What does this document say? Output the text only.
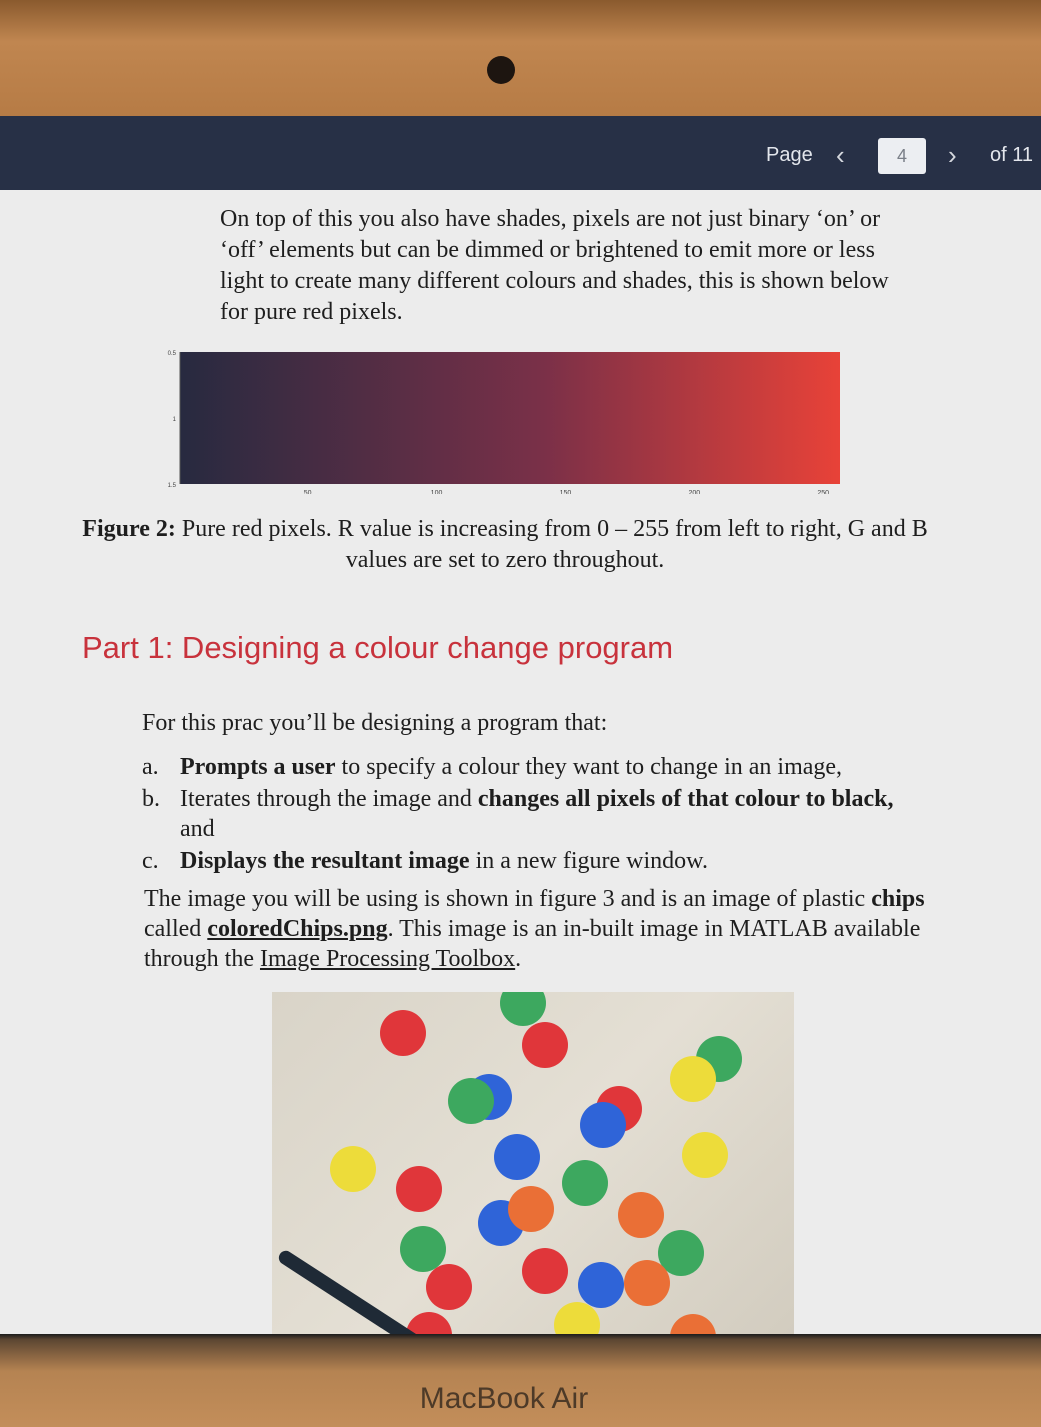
Page ‹	4	› of 11

On top of this you also have shades, pixels are not just binary ‘on’ or ‘off’ elements but can be dimmed or brightened to emit more or less light to create many different colours and shades, this is shown below for pure red pixels.

50	100	150	200	250
0.5
1
1.5

Figure 2: Pure red pixels. R value is increasing from 0 – 255 from left to right, G and B values are set to zero throughout.

Part 1: Designing a colour change program

For this prac you’ll be designing a program that:

a. Prompts a user to specify a colour they want to change in an image,
b. Iterates through the image and changes all pixels of that colour to black, and
c. Displays the resultant image in a new figure window.

The image you will be using is shown in figure 3 and is an image of plastic chips called coloredChips.png. This image is an in-built image in MATLAB available through the Image Processing Toolbox.

MacBook Air
